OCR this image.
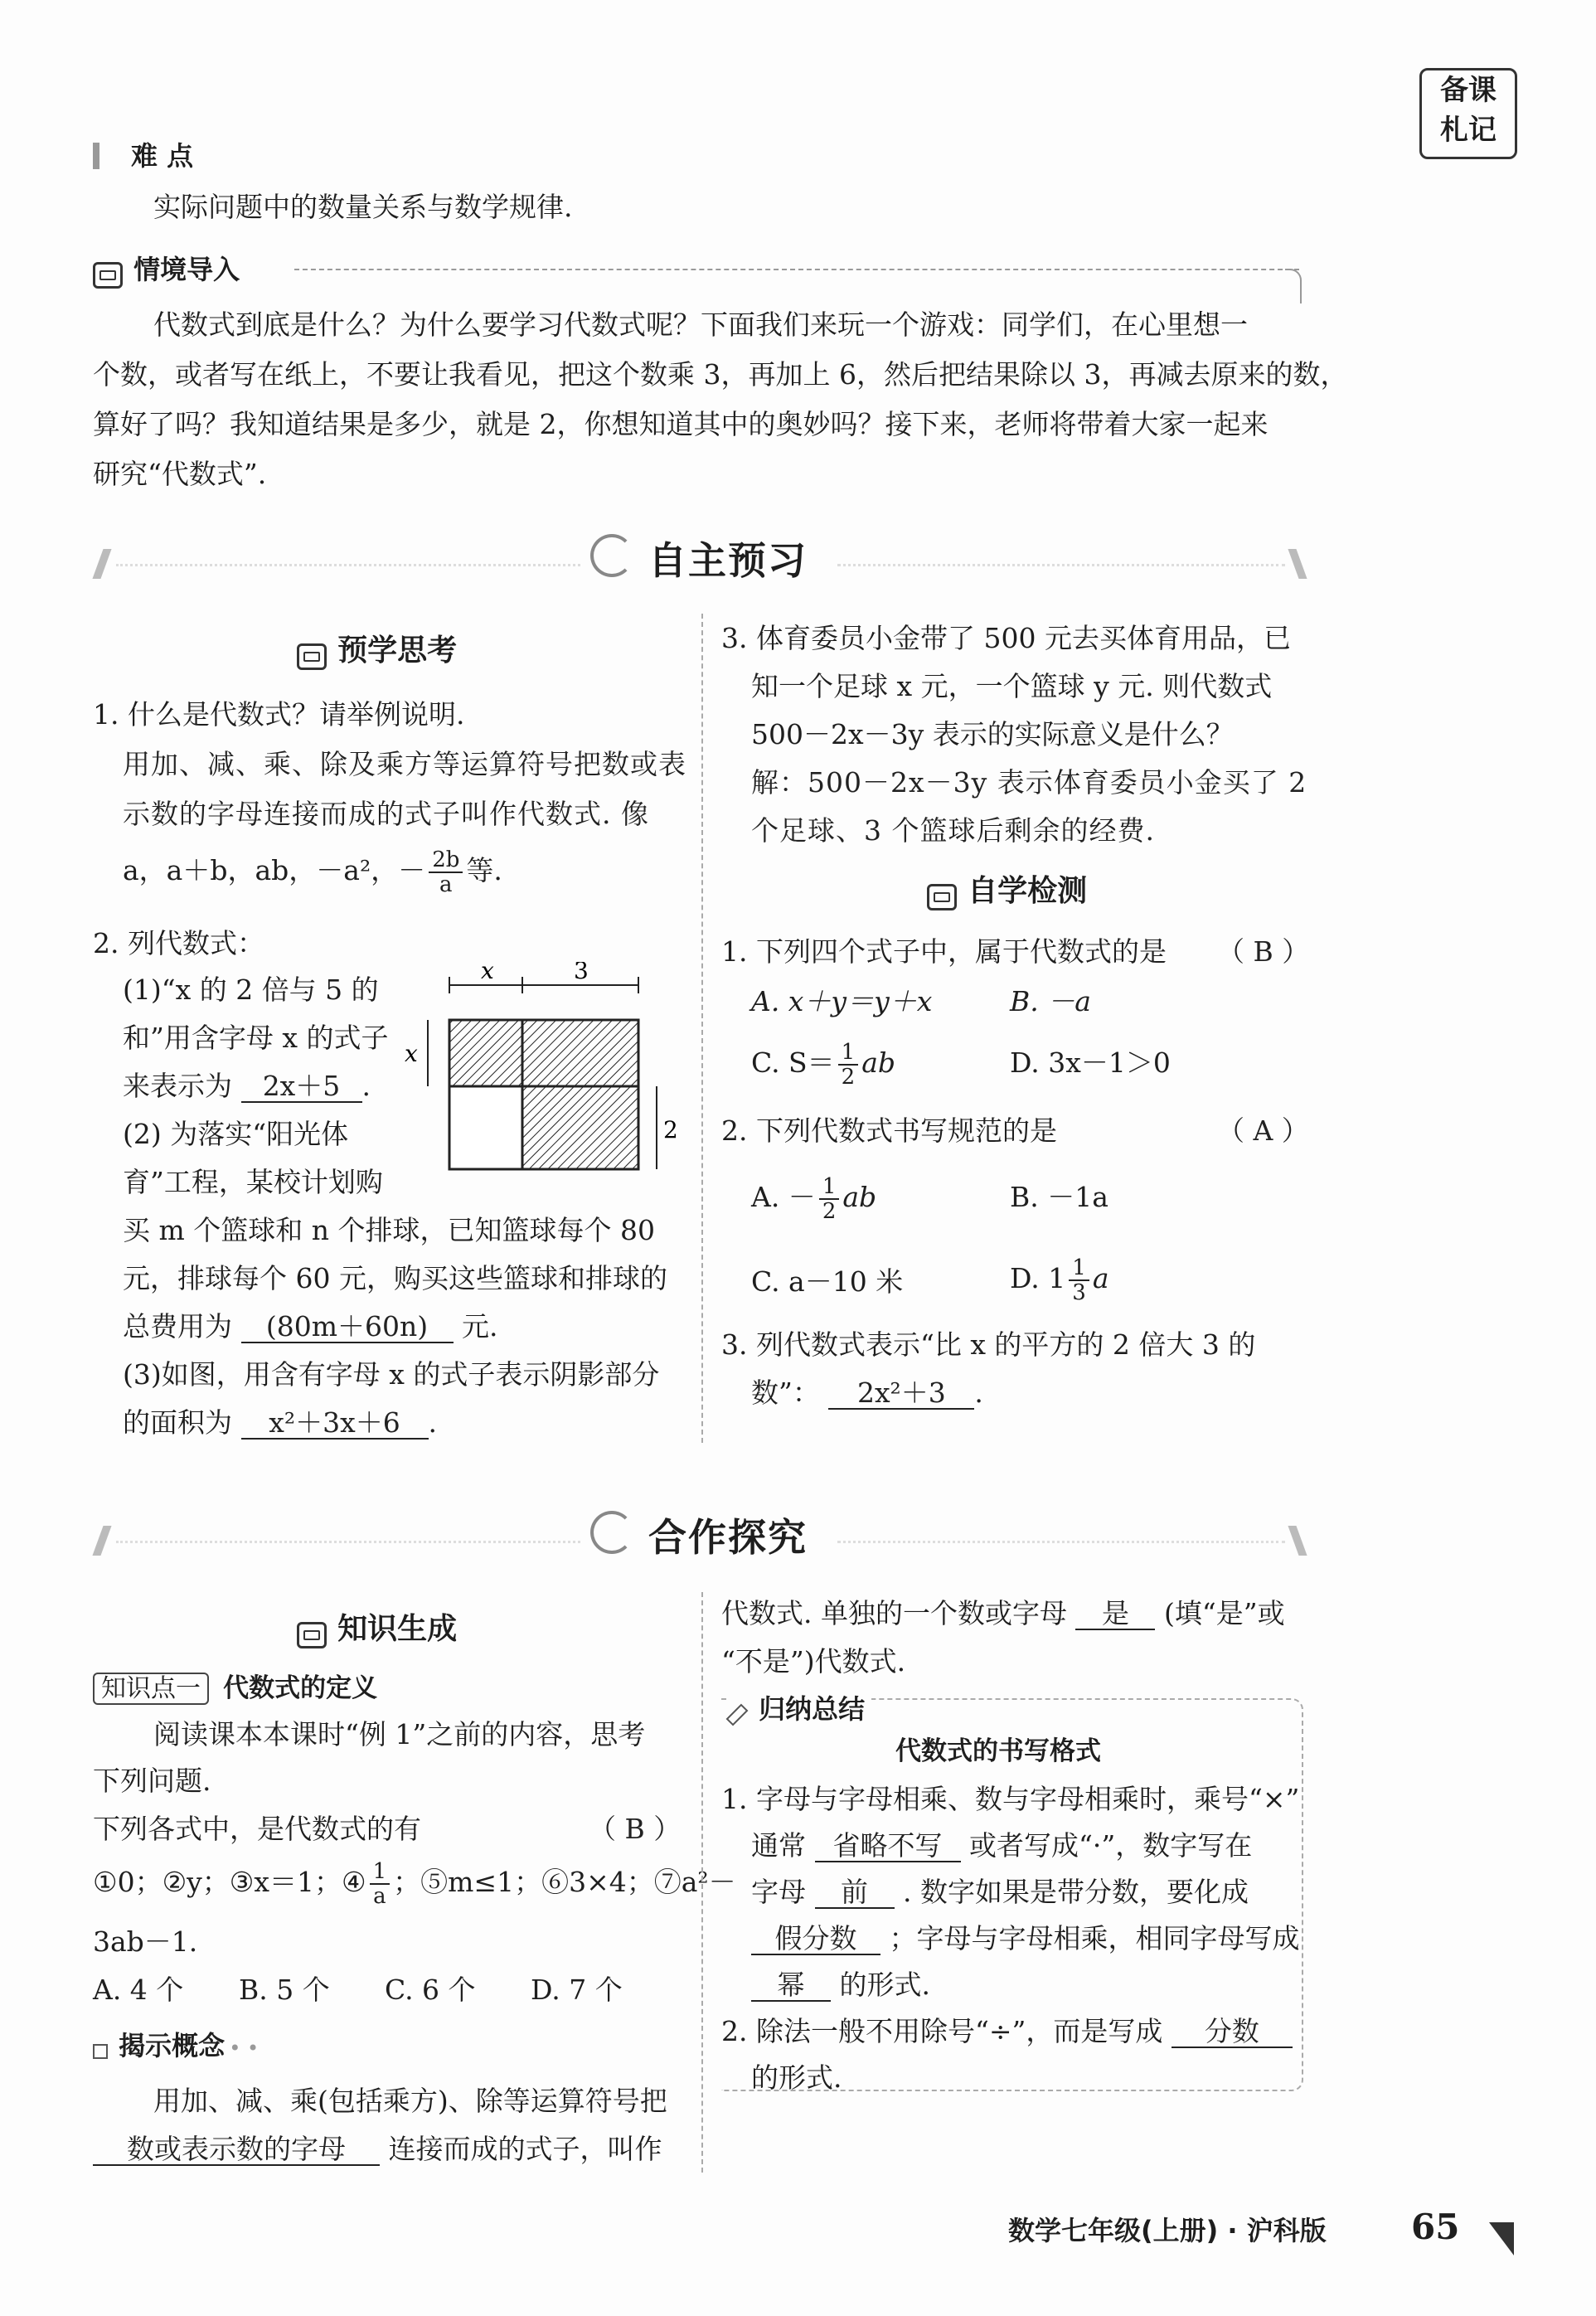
备课
札记
难 点
实际问题中的数量关系与数学规律.
情境导入
代数式到底是什么？为什么要学习代数式呢？下面我们来玩一个游戏：同学们，在心里想一
个数，或者写在纸上，不要让我看见，把这个数乘 3，再加上 6，然后把结果除以 3，再减去原来的数，
算好了吗？我知道结果是多少，就是 2，你想知道其中的奥妙吗？接下来，老师将带着大家一起来
研究“代数式”.
自主预习
预学思考
1. 什么是代数式？请举例说明.
用加、减、乘、除及乘方等运算符号把数或表
示数的字母连接而成的式子叫作代数式. 像
a，a＋b，ab，－a²，－ $\frac{2b}{a}$ 等.
2. 列代数式：
(1)“x 的 2 倍与 5 的
和”用含字母 x 的式子
来表示为 2x＋5 .
(2) 为落实“阳光体
育”工程，某校计划购
买 m 个篮球和 n 个排球，已知篮球每个 80
元，排球每个 60 元，购买这些篮球和排球的
总费用为 (80m＋60n) 元.
(3)如图，用含有字母 x 的式子表示阴影部分
的面积为 x²＋3x＋6 .
x	3
x
2
3. 体育委员小金带了 500 元去买体育用品，已
知一个足球 x 元，一个篮球 y 元. 则代数式
500－2x－3y 表示的实际意义是什么？
解：500－2x－3y 表示体育委员小金买了 2
个足球、3 个篮球后剩余的经费.
自学检测
1. 下列四个式子中，属于代数式的是 （ B ）
A. x＋y＝y＋x	B. －a
C. $S= \frac{1}{2}$ ab	D. 3x－1＞0
2. 下列代数式书写规范的是	（ A ）
A. － $\frac{1}{2}$ ab	B. －1a
C. a－10 米	D. $1 \frac{1}{3}$ a
3. 列代数式表示“比 x 的平方的 2 倍大 3 的
数”： 2x²＋3 .
合作探究
知识生成
知识点一 代数式的定义
阅读课本本课时“例 1”之前的内容，思考
下列问题.
下列各式中，是代数式的有	（ B ）
①0；②y；③x＝1；④ $\frac{1}{a}$ ；⑤m≤1；⑥3×4；⑦a²－
3ab－1.
A. 4 个 B. 5 个 C. 6 个 D. 7 个
揭示概念 • •
用加、减、乘(包括乘方)、除等运算符号把
数或表示数的字母 连接而成的式子，叫作
代数式. 单独的一个数或字母 是 (填“是”或
“不是”)代数式.
归纳总结
代数式的书写格式
1. 字母与字母相乘、数与字母相乘时，乘号“×”
通常 省略不写 或者写成“·”，数字写在
字母 前 . 数字如果是带分数，要化成
假分数 ；字母与字母相乘，相同字母写成
幂 的形式.
2. 除法一般不用除号“÷”，而是写成 分数
的形式.
数学七年级(上册) · 沪科版 65
